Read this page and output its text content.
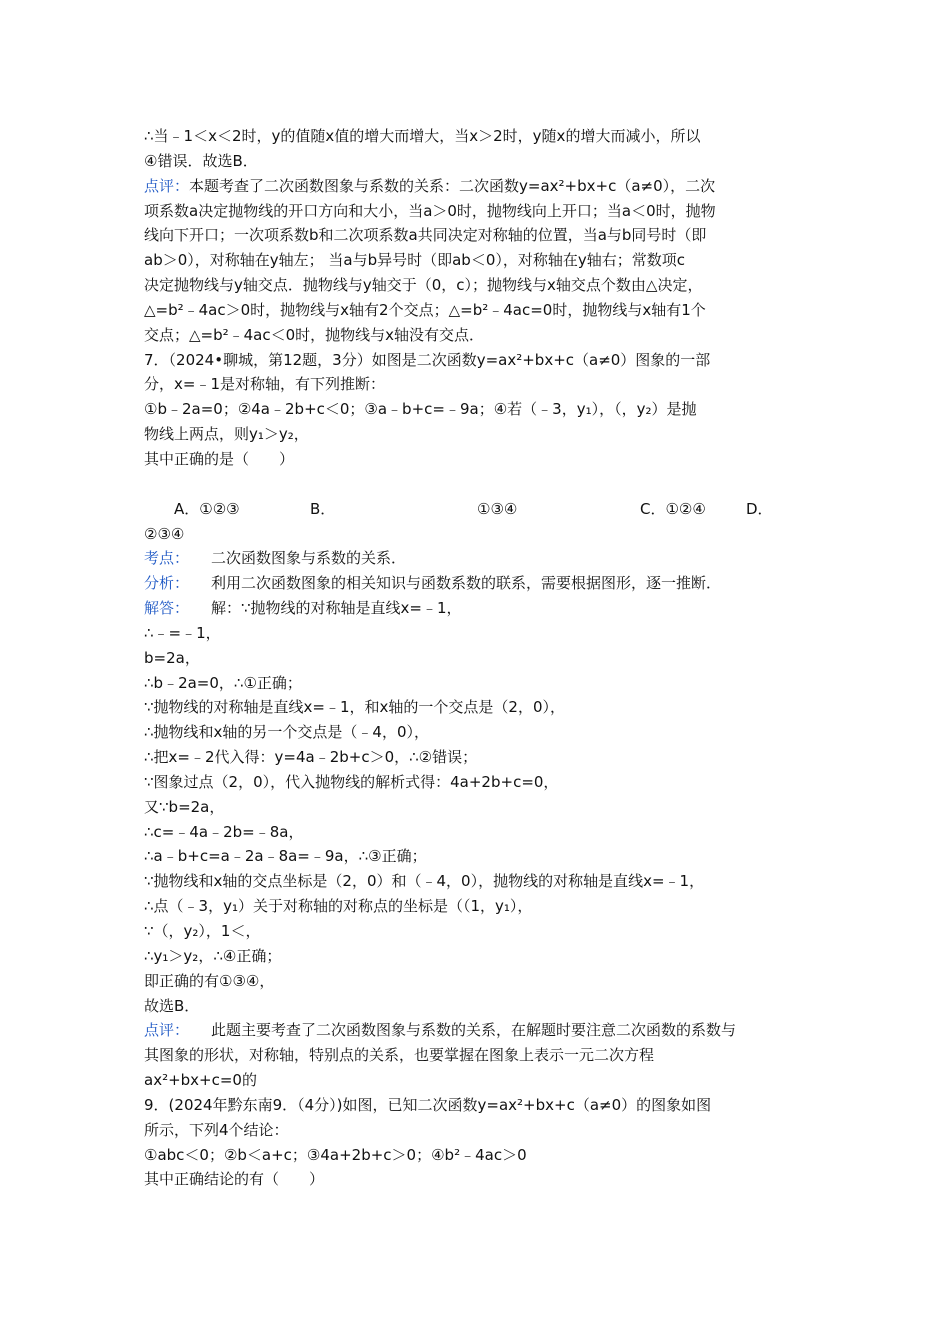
∴当﹣1＜x＜2时，y的值随x值的增大而增大，当x＞2时，y随x的增大而减小，所以
④错误．故选B．
点评：本题考查了二次函数图象与系数的关系：二次函数y=ax²+bx+c（a≠0），二次
项系数a决定抛物线的开口方向和大小，当a＞0时，抛物线向上开口；当a＜0时，抛物
线向下开口；一次项系数b和二次项系数a共同决定对称轴的位置，当a与b同号时（即
ab＞0），对称轴在y轴左； 当a与b异号时（即ab＜0），对称轴在y轴右；常数项c
决定抛物线与y轴交点．抛物线与y轴交于（0，c）；抛物线与x轴交点个数由△决定，
△=b²﹣4ac＞0时，抛物线与x轴有2个交点；△=b²﹣4ac=0时，抛物线与x轴有1个
交点；△=b²﹣4ac＜0时，抛物线与x轴没有交点．
7．（2024•聊城，第12题，3分）如图是二次函数y=ax²+bx+c（a≠0）图象的一部
分，x=﹣1是对称轴，有下列推断：
①b﹣2a=0；②4a﹣2b+c＜0；③a﹣b+c=﹣9a；④若（﹣3，y₁），（，y₂）是抛
物线上两点，则y₁＞y₂，
其中正确的是（　　）
A．①②③	B．	①③④	C．①②④	D．
②③④
考点： 二次函数图象与系数的关系．
分析： 利用二次函数图象的相关知识与函数系数的联系，需要根据图形，逐一推断．
解答： 解：∵抛物线的对称轴是直线x=﹣1，
∴﹣=﹣1，
b=2a，
∴b﹣2a=0，∴①正确；
∵抛物线的对称轴是直线x=﹣1，和x轴的一个交点是（2，0），
∴抛物线和x轴的另一个交点是（﹣4，0），
∴把x=﹣2代入得：y=4a﹣2b+c＞0，∴②错误；
∵图象过点（2，0），代入抛物线的解析式得：4a+2b+c=0，
又∵b=2a，
∴c=﹣4a﹣2b=﹣8a，
∴a﹣b+c=a﹣2a﹣8a=﹣9a，∴③正确；
∵抛物线和x轴的交点坐标是（2，0）和（﹣4，0），抛物线的对称轴是直线x=﹣1，
∴点（﹣3，y₁）关于对称轴的对称点的坐标是（（1，y₁），
∵（，y₂），1＜，
∴y₁＞y₂，∴④正确；
即正确的有①③④，
故选B．
点评： 此题主要考查了二次函数图象与系数的关系，在解题时要注意二次函数的系数与
其图象的形状，对称轴，特别点的关系，也要掌握在图象上表示一元二次方程
ax²+bx+c=0的
9．(2024年黔东南9．（4分）)如图，已知二次函数y=ax²+bx+c（a≠0）的图象如图
所示，下列4个结论：
①abc＜0；②b＜a+c；③4a+2b+c＞0；④b²﹣4ac＞0
其中正确结论的有（　　）
